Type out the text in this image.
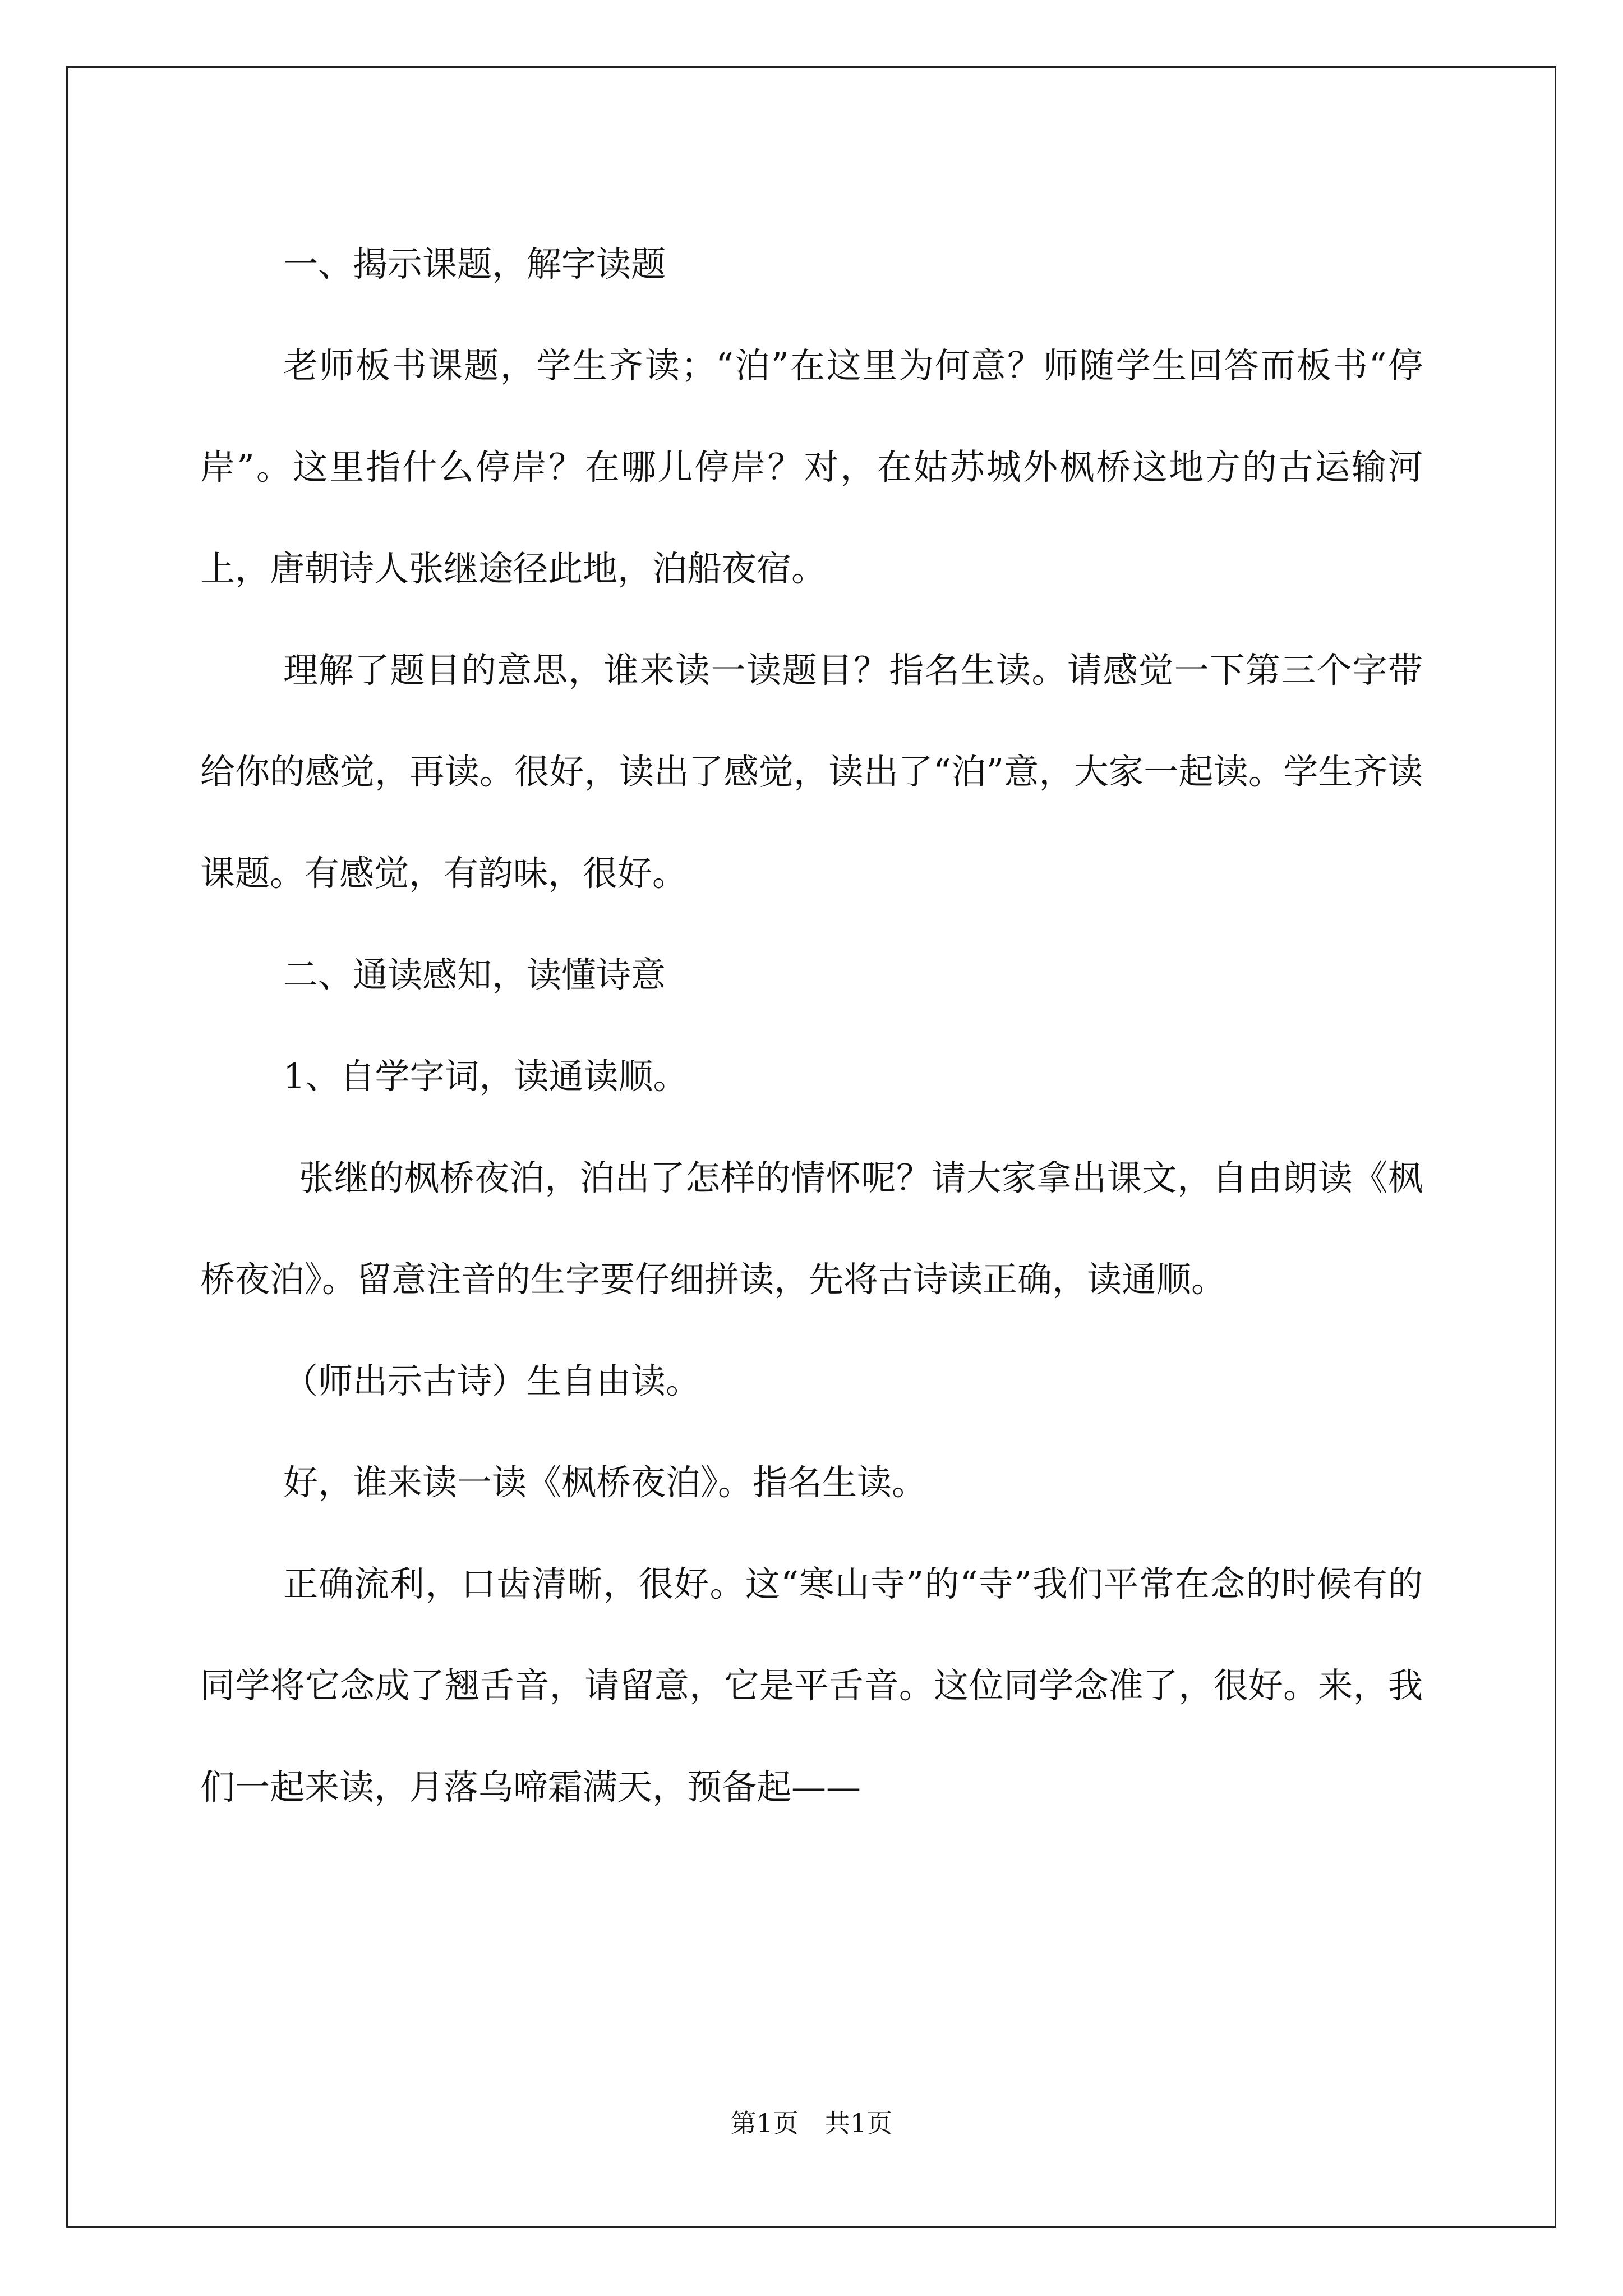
一、揭示课题，解字读题

老师板书课题，学生齐读；“泊”在这里为何意？师随学生回答而板书“停岸”。这里指什么停岸？在哪儿停岸？对，在姑苏城外枫桥这地方的古运输河上，唐朝诗人张继途径此地，泊船夜宿。

理解了题目的意思，谁来读一读题目？指名生读。请感觉一下第三个字带给你的感觉，再读。很好，读出了感觉，读出了“泊”意，大家一起读。学生齐读课题。有感觉，有韵味，很好。

二、通读感知，读懂诗意

1、自学字词，读通读顺。

张继的枫桥夜泊，泊出了怎样的情怀呢？请大家拿出课文，自由朗读《枫桥夜泊》。留意注音的生字要仔细拼读，先将古诗读正确，读通顺。

（师出示古诗）生自由读。

好，谁来读一读《枫桥夜泊》。指名生读。

正确流利，口齿清晰，很好。这“寒山寺”的“寺”我们平常在念的时候有的同学将它念成了翘舌音，请留意，它是平舌音。这位同学念准了，很好。来，我们一起来读，月落乌啼霜满天，预备起——

第1页　共1页
